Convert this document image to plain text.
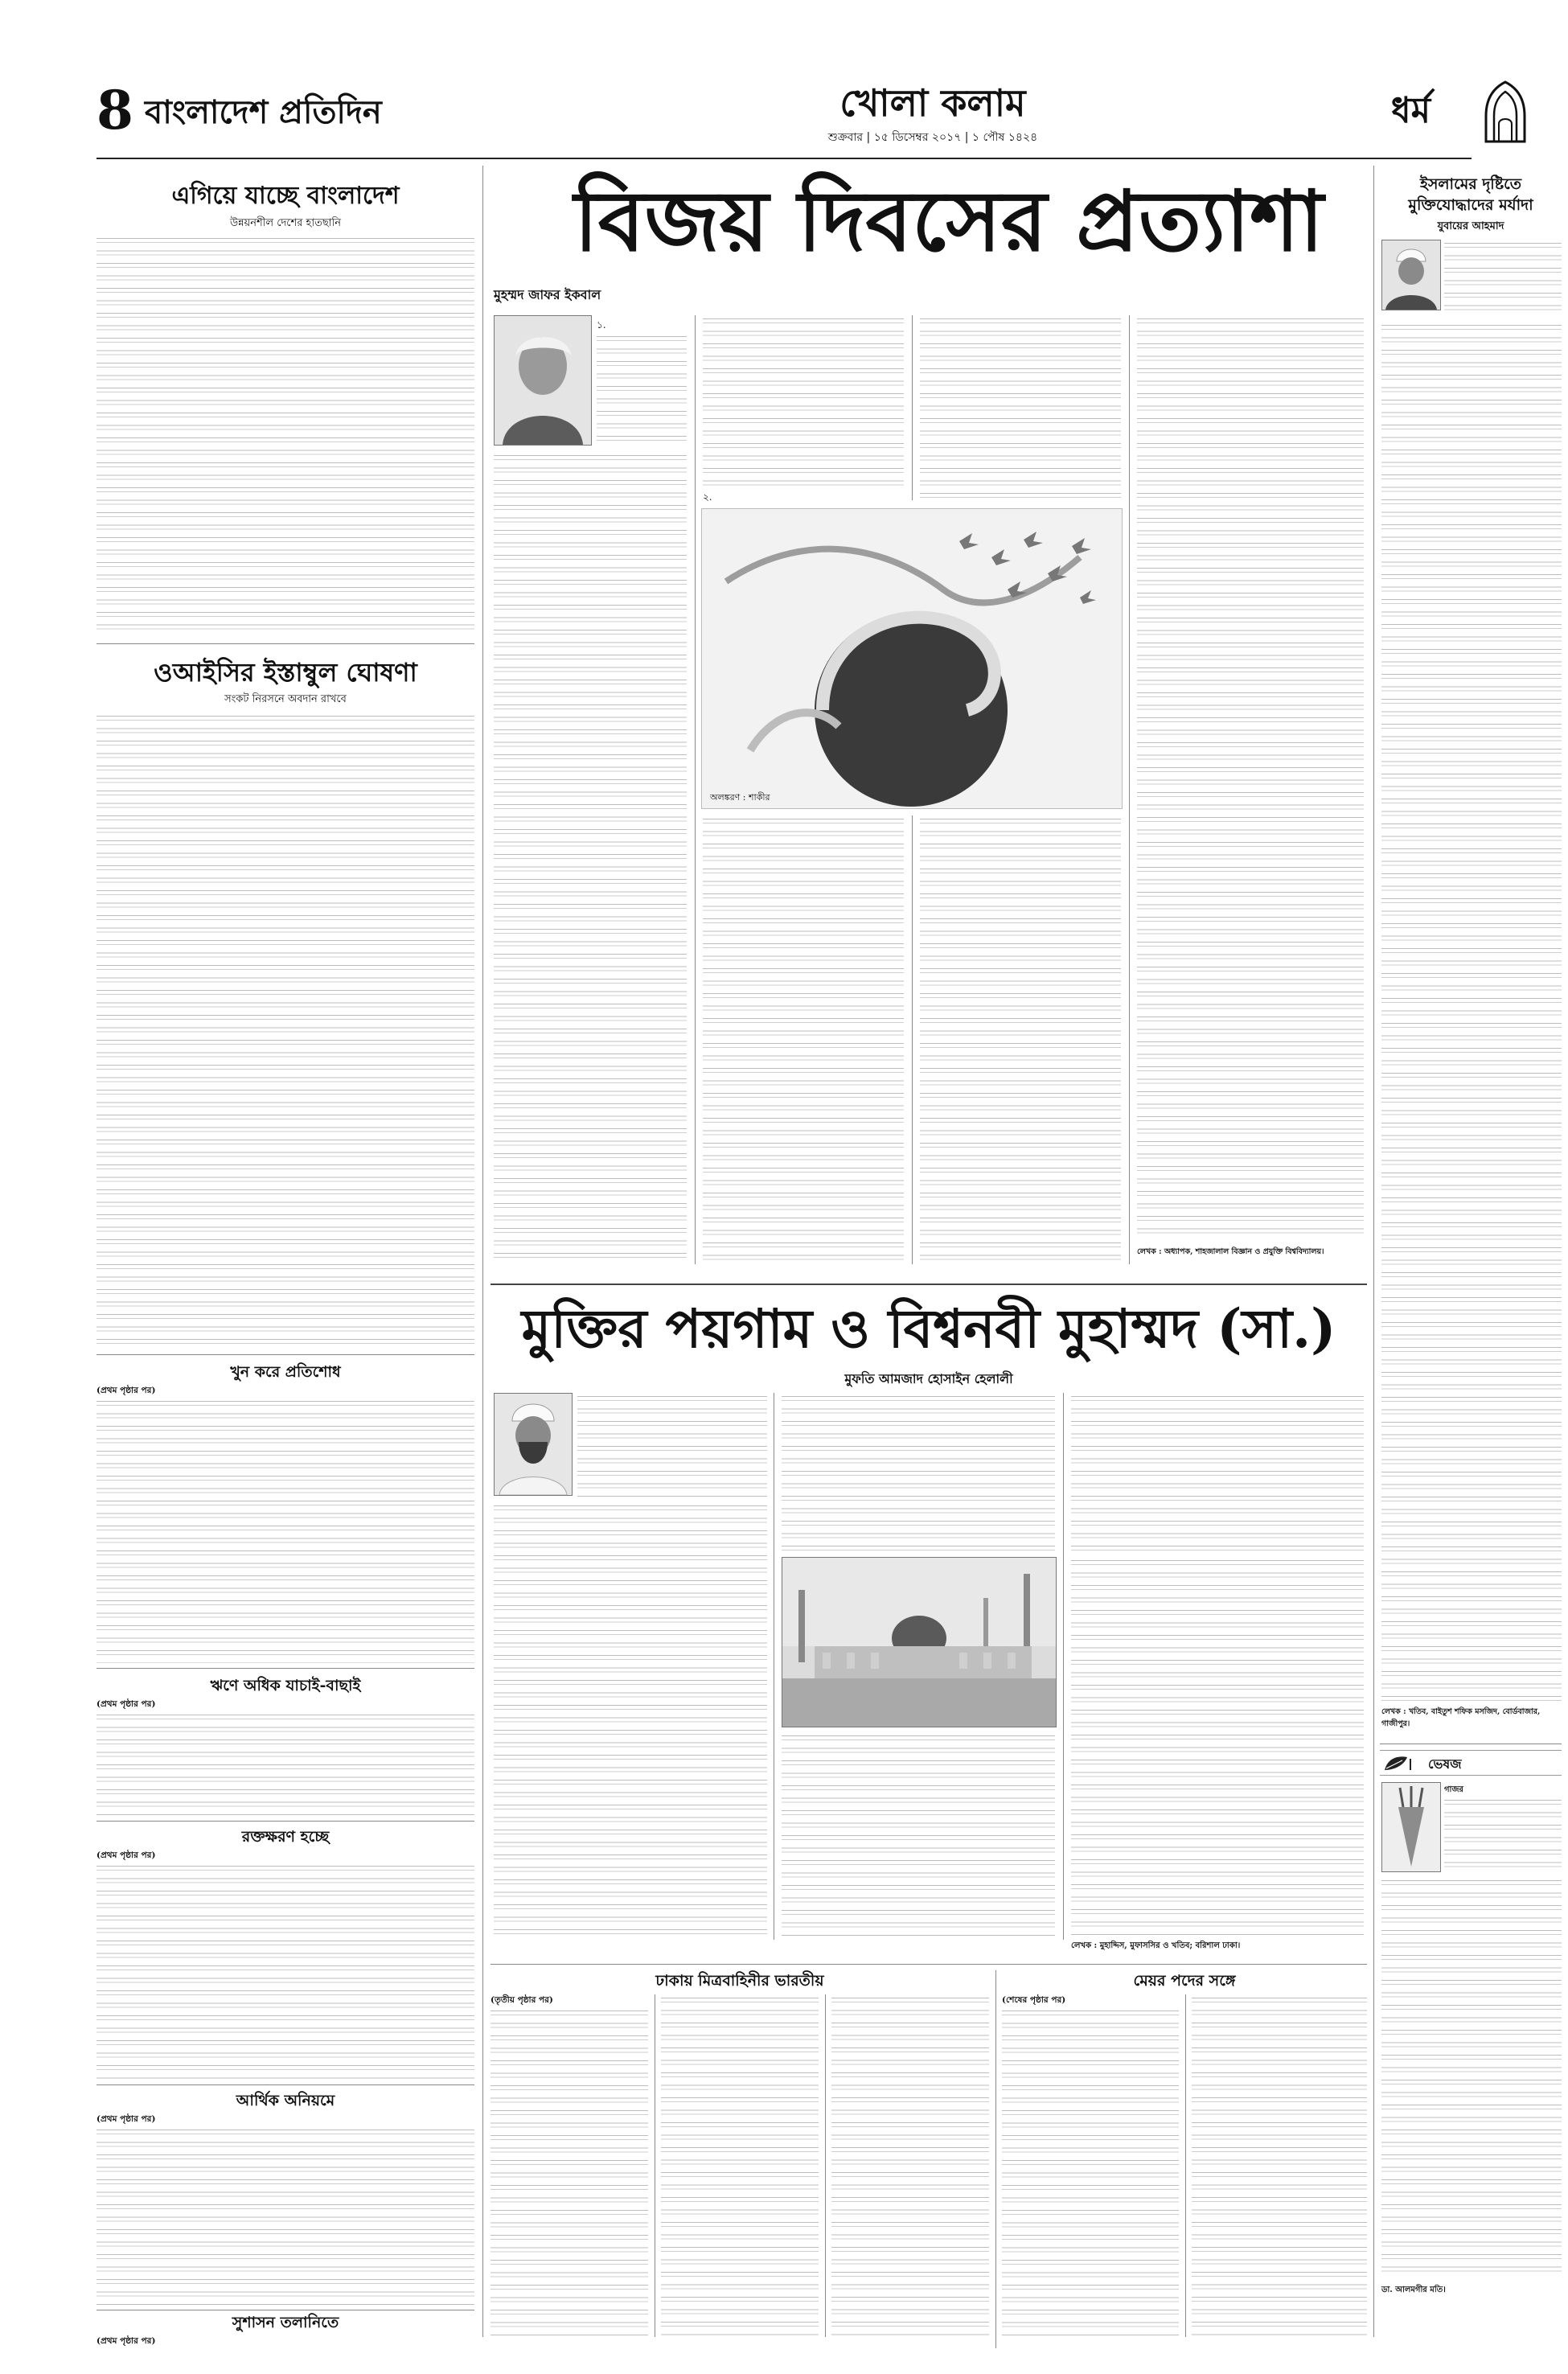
8 বাংলাদেশ প্রতিদিন	খোলা কলাম
শুক্রবার | ১৫ ডিসেম্বর ২০১৭ | ১ পৌষ ১৪২৪
ধর্ম
এগিয়ে যাচ্ছে বাংলাদেশ
উন্নয়নশীল দেশের হাতছানি
ওআইসির ইস্তাম্বুল ঘোষণা
সংকট নিরসনে অবদান রাখবে
খুন করে প্রতিশোধ
(প্রথম পৃষ্ঠার পর)
ঋণে অধিক যাচাই-বাছাই
(প্রথম পৃষ্ঠার পর)
রক্তক্ষরণ হচ্ছে
(প্রথম পৃষ্ঠার পর)
আর্থিক অনিয়মে
(প্রথম পৃষ্ঠার পর)
সুশাসন তলানিতে
(প্রথম পৃষ্ঠার পর)
বিজয় দিবসের প্রত্যাশা
মুহম্মদ জাফর ইকবাল
১.
২.
অলঙ্করণ : শাকীর
লেখক : অধ্যাপক, শাহজালাল বিজ্ঞান ও প্রযুক্তি বিশ্ববিদ্যালয়।
মুক্তির পয়গাম ও বিশ্বনবী মুহাম্মদ (সা.)
মুফতি আমজাদ হোসাইন হেলালী
লেখক : মুহাদ্দিস, মুফাসসির ও খতিব; বরিশাল ঢাকা।
ঢাকায় মিত্রবাহিনীর ভারতীয়
(তৃতীয় পৃষ্ঠার পর)
মেয়র পদের সঙ্গে
(শেষের পৃষ্ঠার পর)
ইসলামের দৃষ্টিতে মুক্তিযোদ্ধাদের মর্যাদা
যুবায়ের আহমাদ
লেখক : খতিব, বাইতুশ শফিক মসজিদ, বোর্ডবাজার, গাজীপুর।
ভেষজ
গাজর
ডা. আলমগীর মতি।
